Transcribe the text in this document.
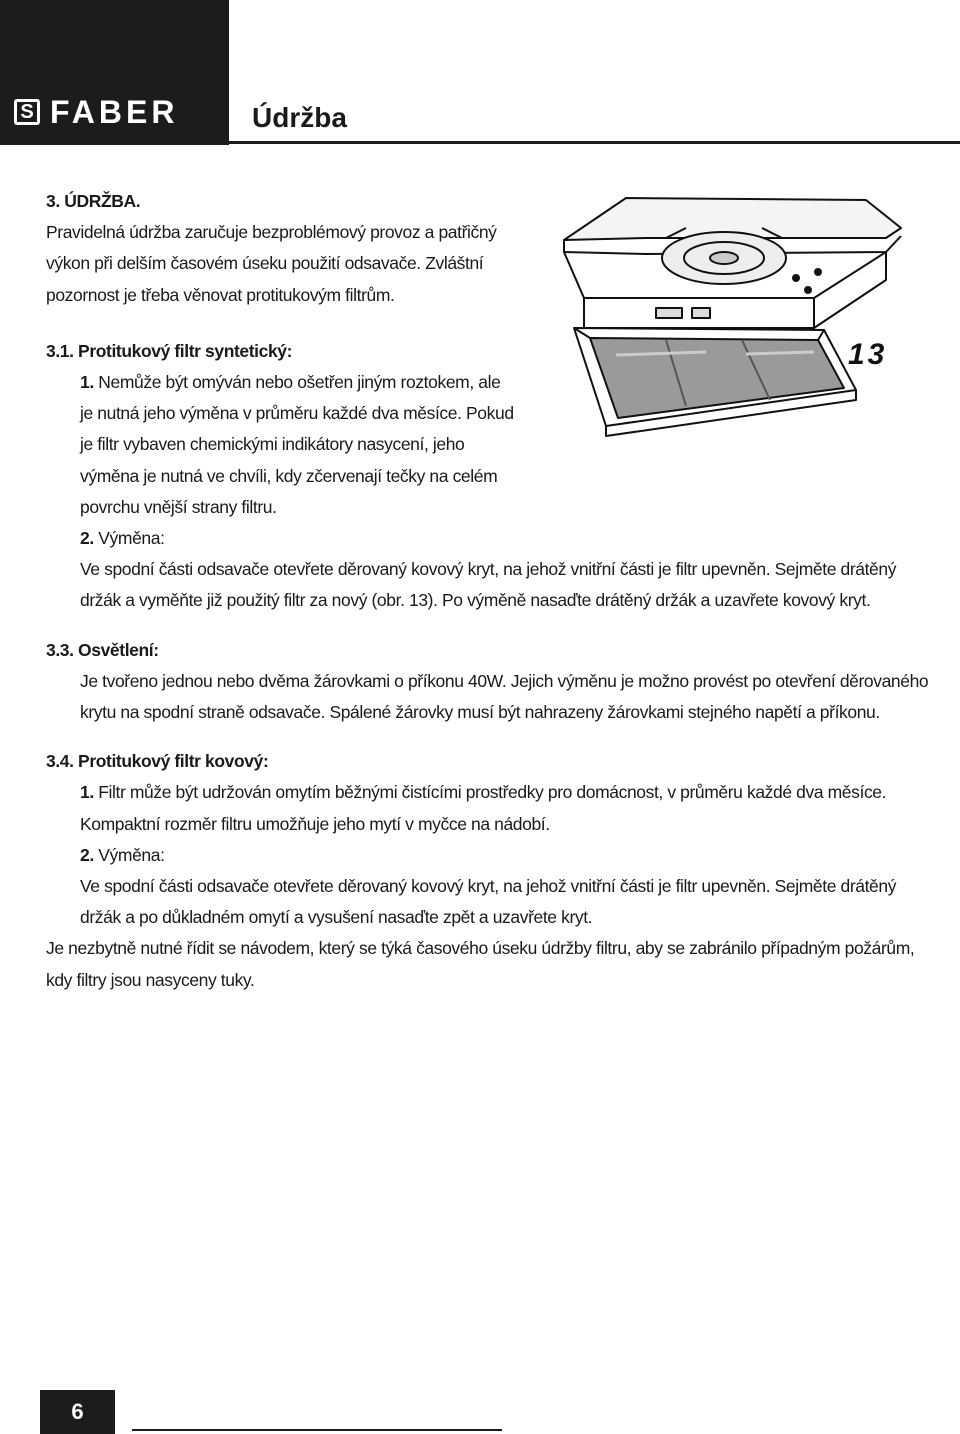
S FABER	Údržba
13

3. ÚDRŽBA.

Pravidelná údržba zaručuje bezproblémový provoz a patřičný

výkon při delším časovém úseku použití odsavače. Zvláštní

pozornost je třeba věnovat protitukovým filtrům.

3.1. Protitukový filtr syntetický:

1. Nemůže být omýván nebo ošetřen jiným roztokem, ale

je nutná jeho výměna v průměru každé dva měsíce. Pokud

je filtr vybaven chemickými indikátory nasycení, jeho

výměna je nutná ve chvíli, kdy zčervenají tečky na celém

povrchu vnější strany filtru.

2. Výměna:

Ve spodní části odsavače otevřete děrovaný kovový kryt, na jehož vnitřní části je filtr upevněn. Sejměte drátěný

držák a vyměňte již použitý filtr za nový (obr. 13). Po výměně nasaďte drátěný držák a uzavřete kovový kryt.

3.3. Osvětlení:

Je tvořeno jednou nebo dvěma žárovkami o příkonu 40W. Jejich výměnu je možno provést po otevření děrovaného

krytu na spodní straně odsavače. Spálené žárovky musí být nahrazeny žárovkami stejného napětí a příkonu.

3.4. Protitukový filtr kovový:

1. Filtr může být udržován omytím běžnými čistícími prostředky pro domácnost, v průměru každé dva měsíce.

Kompaktní rozměr filtru umožňuje jeho mytí v myčce na nádobí.

2. Výměna:

Ve spodní části odsavače otevřete děrovaný kovový kryt, na jehož vnitřní části je filtr upevněn. Sejměte drátěný

držák a po důkladném omytí a vysušení nasaďte zpět a uzavřete kryt.

Je nezbytně nutné řídit se návodem, který se týká časového úseku údržby filtru, aby se zabránilo případným požárům,

kdy filtry jsou nasyceny tuky.

6
